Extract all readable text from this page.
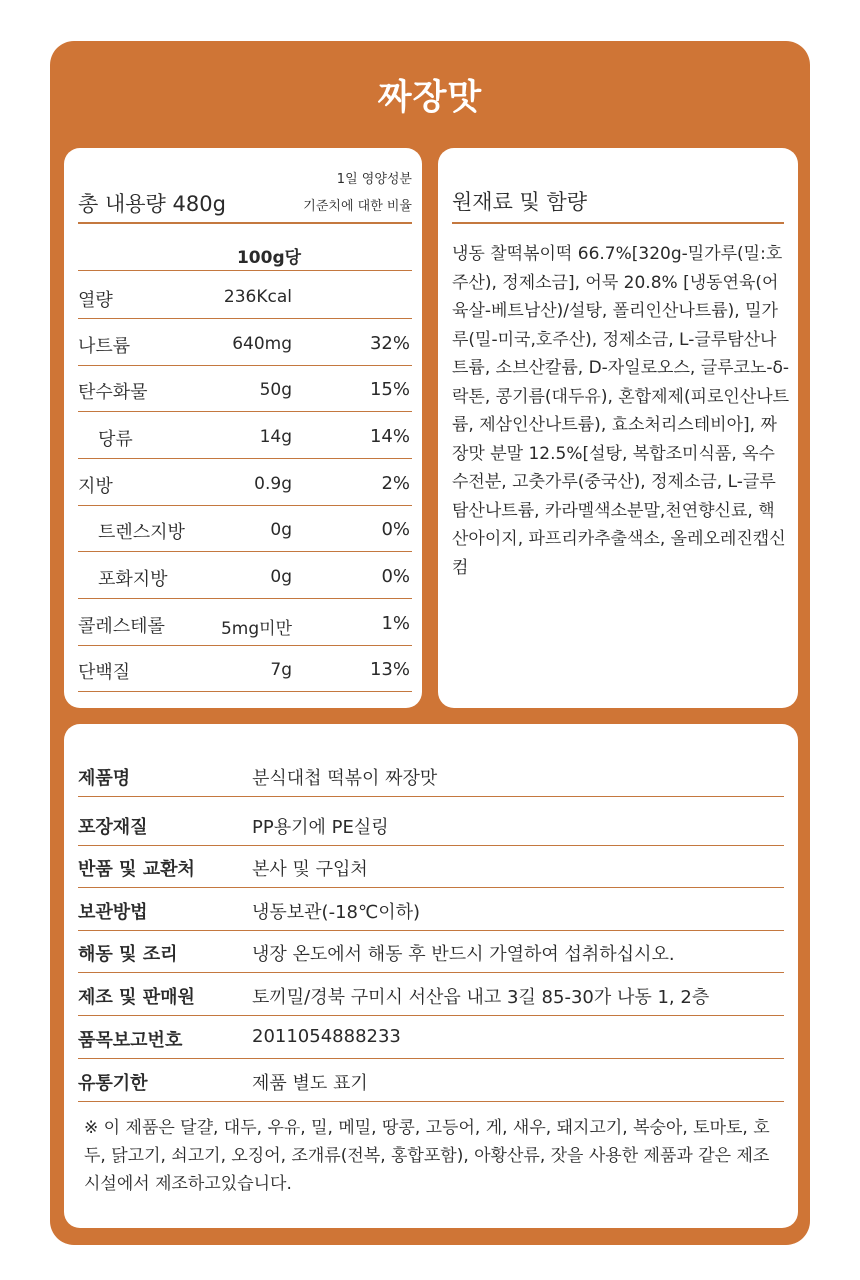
짜장맛
총 내용량 480g
1일 영양성분
기준치에 대한 비율
100g당
열량	236Kcal
나트륨	640mg	32%
탄수화물	50g	15%
당류	14g	14%
지방	0.9g	2%
트렌스지방	0g	0%
포화지방	0g	0%
콜레스테롤	5mg미만	1%
단백질	7g	13%
원재료 및 함량
냉동 찰떡볶이떡 66.7%[320g-밀가루(밀:호주산), 정제소금], 어묵 20.8% [냉동연육(어육살-베트남산)/설탕, 폴리인산나트륨), 밀가루(밀-미국,호주산), 정제소금, L-글루탐산나트륨, 소브산칼륨, D-자일로오스, 글루코노-δ-락톤, 콩기름(대두유), 혼합제제(피로인산나트륨, 제삼인산나트륨), 효소처리스테비아], 짜장맛 분말 12.5%[설탕, 복합조미식품, 옥수수전분, 고춧가루(중국산), 정제소금, L-글루탐산나트륨, 카라멜색소분말,천연향신료, 핵산아이지, 파프리카추출색소, 올레오레진캡신컴
제품명	분식대첩 떡볶이 짜장맛
포장재질	PP용기에 PE실링
반품 및 교환처	본사 및 구입처
보관방법	냉동보관(-18℃이하)
해동 및 조리	냉장 온도에서 해동 후 반드시 가열하여 섭취하십시오.
제조 및 판매원	토끼밀/경북 구미시 서산읍 내고 3길 85-30가 나동 1, 2층
품목보고번호	2011054888233
유통기한	제품 별도 표기
※ 이 제품은 달걀, 대두, 우유, 밀, 메밀, 땅콩, 고등어, 게, 새우, 돼지고기, 복숭아, 토마토, 호두, 닭고기, 쇠고기, 오징어, 조개류(전복, 홍합포함), 아황산류, 잣을 사용한 제품과 같은 제조시설에서 제조하고있습니다.
